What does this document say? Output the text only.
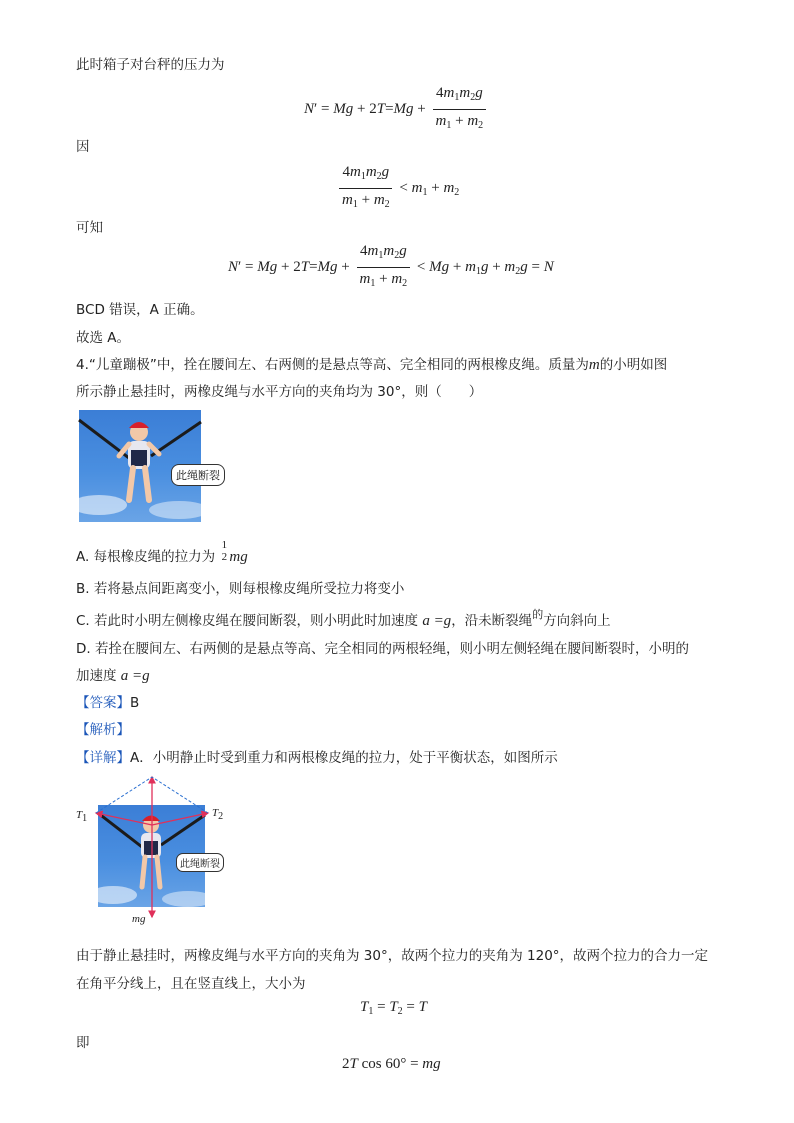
此时箱子对台秤的压力为
$N' = Mg + 2T=Mg + \frac{4m_1m_2g}{m_1 + m_2}$
因
$\frac{4m_1m_2g}{m_1 + m_2} < m_1 + m_2$
可知
$N' = Mg + 2T=Mg + \frac{4m_1m_2g}{m_1 + m_2} < Mg + m_1g + m_2g = N$
BCD 错误，A 正确。
故选 A。
4.“儿童蹦极”中，拴在腰间左、右两侧的是悬点等高、完全相同的两根橡皮绳。质量为m的小明如图
所示静止悬挂时，两橡皮绳与水平方向的夹角均为 30°，则（　　）
此绳断裂
A. 每根橡皮绳的拉力为
1
2 mg
B. 若将悬点间距离变小，则每根橡皮绳所受拉力将变小
C. 若此时小明左侧橡皮绳在腰间断裂，则小明此时加速度 a =g，沿未断裂绳$^的$方向斜向上
D. 若拴在腰间左、右两侧的是悬点等高、完全相同的两根轻绳，则小明左侧轻绳在腰间断裂时，小明的
加速度 a =g
【答案】B
【解析】
【详解】A．小明静止时受到重力和两根橡皮绳的拉力，处于平衡状态，如图所示
此绳断裂
$T_1$	$T_2$
mg
由于静止悬挂时，两橡皮绳与水平方向的夹角为 30°，故两个拉力的夹角为 120°，故两个拉力的合力一定
在角平分线上，且在竖直线上，大小为
$T_1 = T_2 = T$
即
2T cos 60° = mg
